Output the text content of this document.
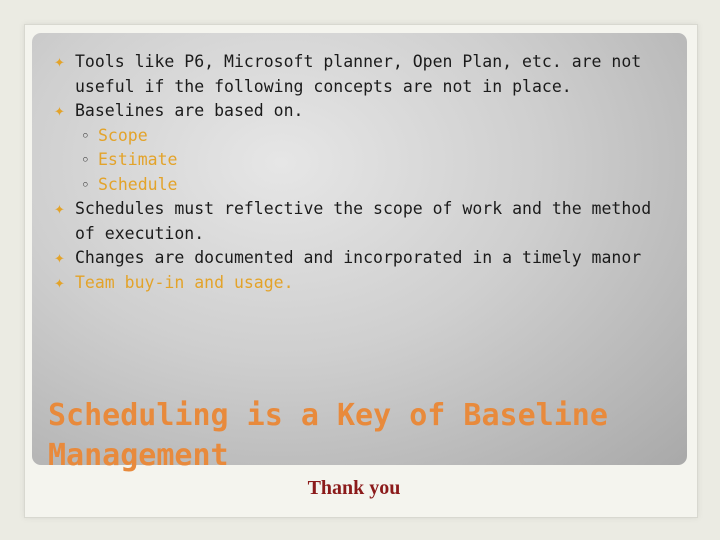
✦ Tools like P6, Microsoft planner, Open Plan, etc. are not useful if the following concepts are not in place.
✦ Baselines are based on.
◦ Scope
◦ Estimate
◦ Schedule
✦ Schedules must reflective the scope of work and the method of execution.
✦ Changes are documented and incorporated in a timely manor
✦ Team buy-in and usage.
Scheduling is a Key of Baseline Management
Thank you
